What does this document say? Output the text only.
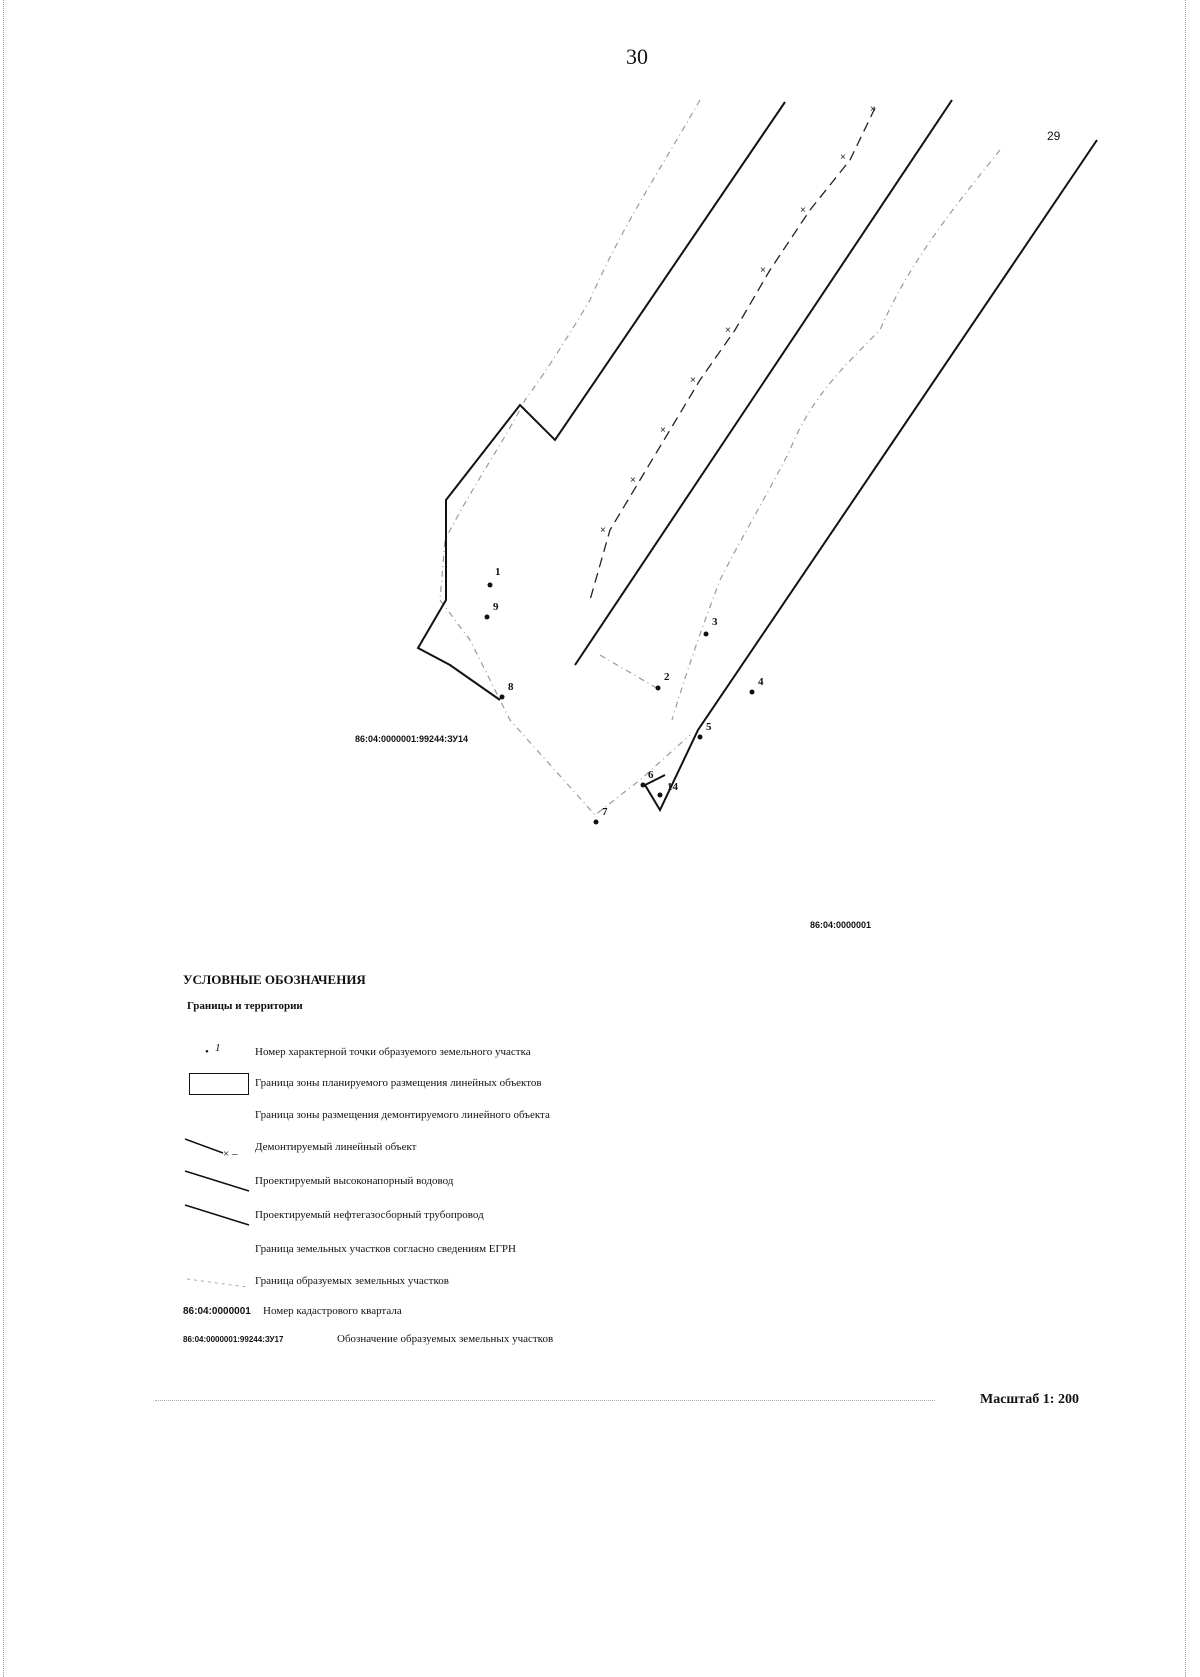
30
×
×
×
×
×
×
×
×
×
1
9
3
2
8	4
5
6
14
7
29
86:04:0000001:99244:ЗУ14
86:04:0000001

УСЛОВНЫЕ ОБОЗНАЧЕНИЯ

Границы и территории

• 1	Номер характерной точки образуемого земельного участка
Граница зоны планируемого размещения линейных объектов
Граница зоны размещения демонтируемого линейного объекта
× –
Демонтируемый линейный объект
Проектируемый высоконапорный водовод
Проектируемый нефтегазосборный трубопровод
Граница земельных участков согласно сведениям ЕГРН
Граница образуемых земельных участков
86:04:0000001	Номер кадастрового квартала
86:04:0000001:99244:ЗУ17	Обозначение образуемых земельных участков
Масштаб 1: 200
